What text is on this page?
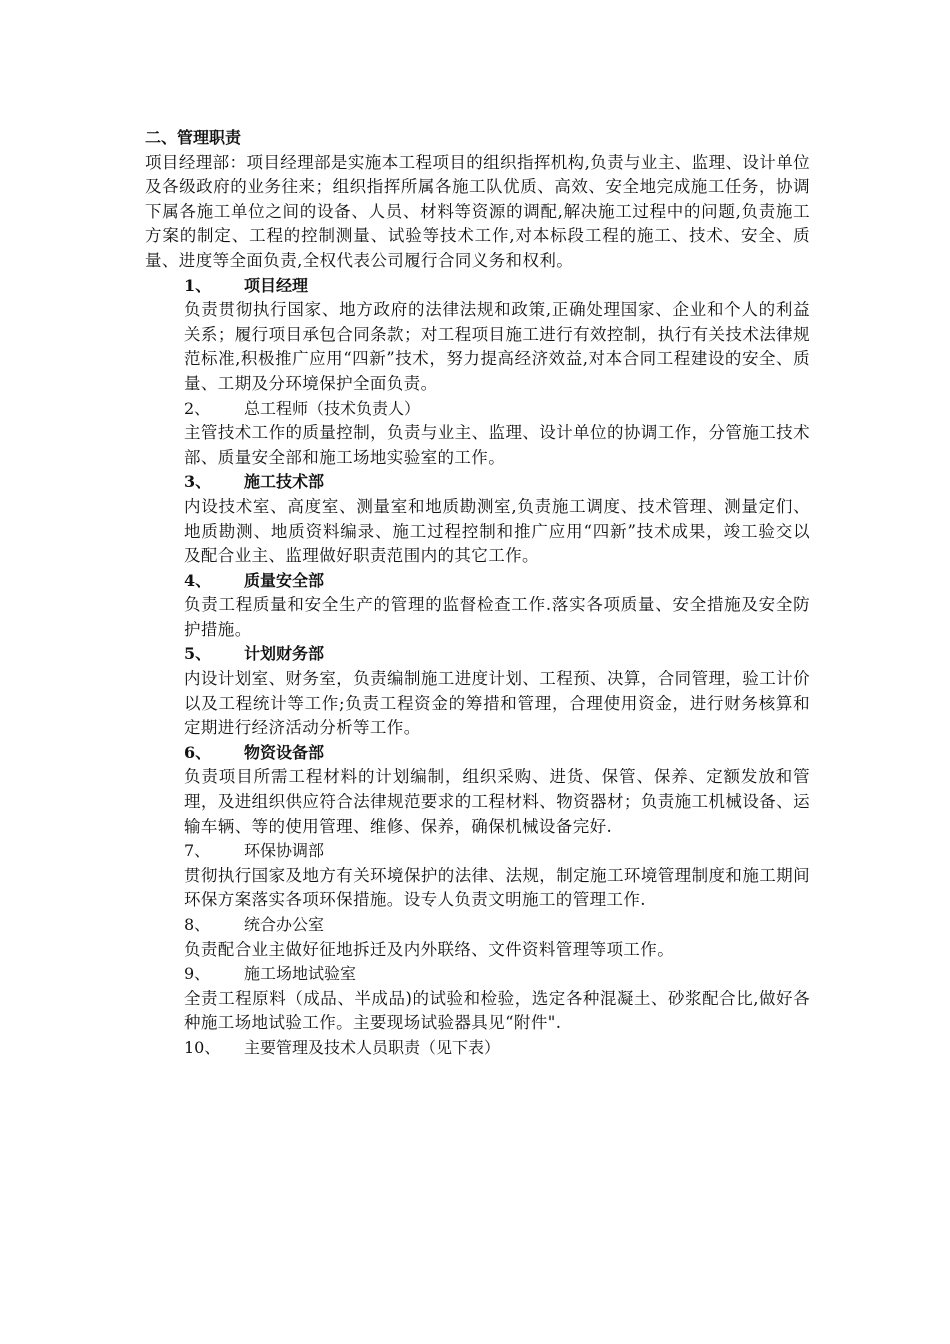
二、管理职责

项目经理部：项目经理部是实施本工程项目的组织指挥机构,负责与业主、监理、设计单位及各级政府的业务往来；组织指挥所属各施工队优质、高效、安全地完成施工任务，协调下属各施工单位之间的设备、人员、材料等资源的调配,解决施工过程中的问题,负责施工方案的制定、工程的控制测量、试验等技术工作,对本标段工程的施工、技术、安全、质量、进度等全面负责,全权代表公司履行合同义务和权利。

1、 项目经理

负责贯彻执行国家、地方政府的法律法规和政策,正确处理国家、企业和个人的利益关系；履行项目承包合同条款；对工程项目施工进行有效控制，执行有关技术法律规范标准,积极推广应用“四新”技术，努力提高经济效益,对本合同工程建设的安全、质量、工期及分环境保护全面负责。

2、 总工程师（技术负责人）

主管技术工作的质量控制，负责与业主、监理、设计单位的协调工作，分管施工技术部、质量安全部和施工场地实验室的工作。

3、 施工技术部

内设技术室、高度室、测量室和地质勘测室,负责施工调度、技术管理、测量定们、地质勘测、地质资料编录、施工过程控制和推广应用“四新”技术成果，竣工验交以及配合业主、监理做好职责范围内的其它工作。

4、 质量安全部

负责工程质量和安全生产的管理的监督检查工作.落实各项质量、安全措施及安全防护措施。

5、 计划财务部

内设计划室、财务室，负责编制施工进度计划、工程预、决算，合同管理，验工计价以及工程统计等工作;负责工程资金的筹措和管理，合理使用资金，进行财务核算和定期进行经济活动分析等工作。

6、 物资设备部

负责项目所需工程材料的计划编制，组织采购、进货、保管、保养、定额发放和管理，及进组织供应符合法律规范要求的工程材料、物资器材；负责施工机械设备、运输车辆、等的使用管理、维修、保养，确保机械设备完好.

7、 环保协调部

贯彻执行国家及地方有关环境保护的法律、法规，制定施工环境管理制度和施工期间环保方案落实各项环保措施。设专人负责文明施工的管理工作.

8、 统合办公室

负责配合业主做好征地拆迁及内外联络、文件资料管理等项工作。

9、 施工场地试验室

全责工程原料（成品、半成品)的试验和检验，选定各种混凝土、砂浆配合比,做好各种施工场地试验工作。主要现场试验器具见“附件".

10、 主要管理及技术人员职责（见下表）
